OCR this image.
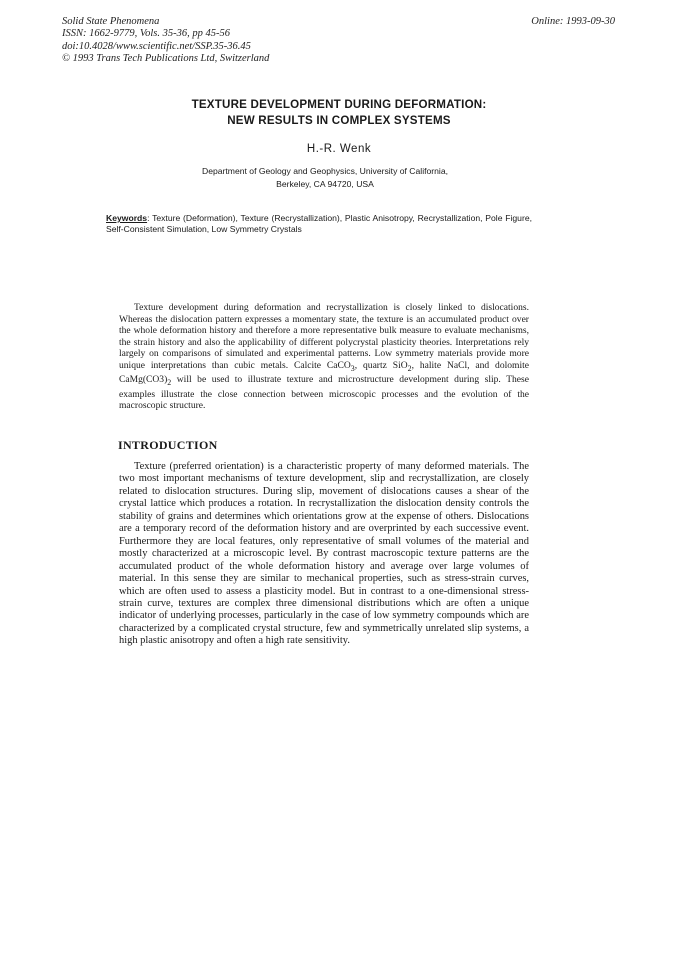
Solid State Phenomena
ISSN: 1662-9779, Vols. 35-36, pp 45-56
doi:10.4028/www.scientific.net/SSP.35-36.45
© 1993 Trans Tech Publications Ltd, Switzerland
Online: 1993-09-30
TEXTURE DEVELOPMENT DURING DEFORMATION:
NEW RESULTS IN COMPLEX SYSTEMS
H.-R. Wenk
Department of Geology and Geophysics, University of California,
Berkeley, CA 94720, USA
Keywords: Texture (Deformation), Texture (Recrystallization), Plastic Anisotropy, Recrystallization, Pole Figure, Self-Consistent Simulation, Low Symmetry Crystals

Texture development during deformation and recrystallization is closely linked to dislocations. Whereas the dislocation pattern expresses a momentary state, the texture is an accumulated product over the whole deformation history and therefore a more representative bulk measure to evaluate mechanisms, the strain history and also the applicability of different polycrystal plasticity theories. Interpretations rely largely on comparisons of simulated and experimental patterns. Low symmetry materials provide more unique interpretations than cubic metals. Calcite CaCO$_3$, quartz SiO$_2$, halite NaCl, and dolomite $CaMg(CO3)_2$ will be used to illustrate texture and microstructure development during slip. These examples illustrate the close connection between microscopic processes and the evolution of the macroscopic structure.

INTRODUCTION

Texture (preferred orientation) is a characteristic property of many deformed materials. The two most important mechanisms of texture development, slip and recrystallization, are closely related to dislocation structures. During slip, movement of dislocations causes a shear of the crystal lattice which produces a rotation. In recrystallization the dislocation density controls the stability of grains and determines which orientations grow at the expense of others. Dislocations are a temporary record of the deformation history and are overprinted by each successive event. Furthermore they are local features, only representative of small volumes of the material and mostly characterized at a microscopic level. By contrast macroscopic texture patterns are the accumulated product of the whole deformation history and average over large volumes of material. In this sense they are similar to mechanical properties, such as stress-strain curves, which are often used to assess a plasticity model. But in contrast to a one-dimensional stress-strain curve, textures are complex three dimensional distributions which are often a unique indicator of underlying processes, particularly in the case of low symmetry compounds which are characterized by a complicated crystal structure, few and symmetrically unrelated slip systems, a high plastic anisotropy and often a high rate sensitivity.
